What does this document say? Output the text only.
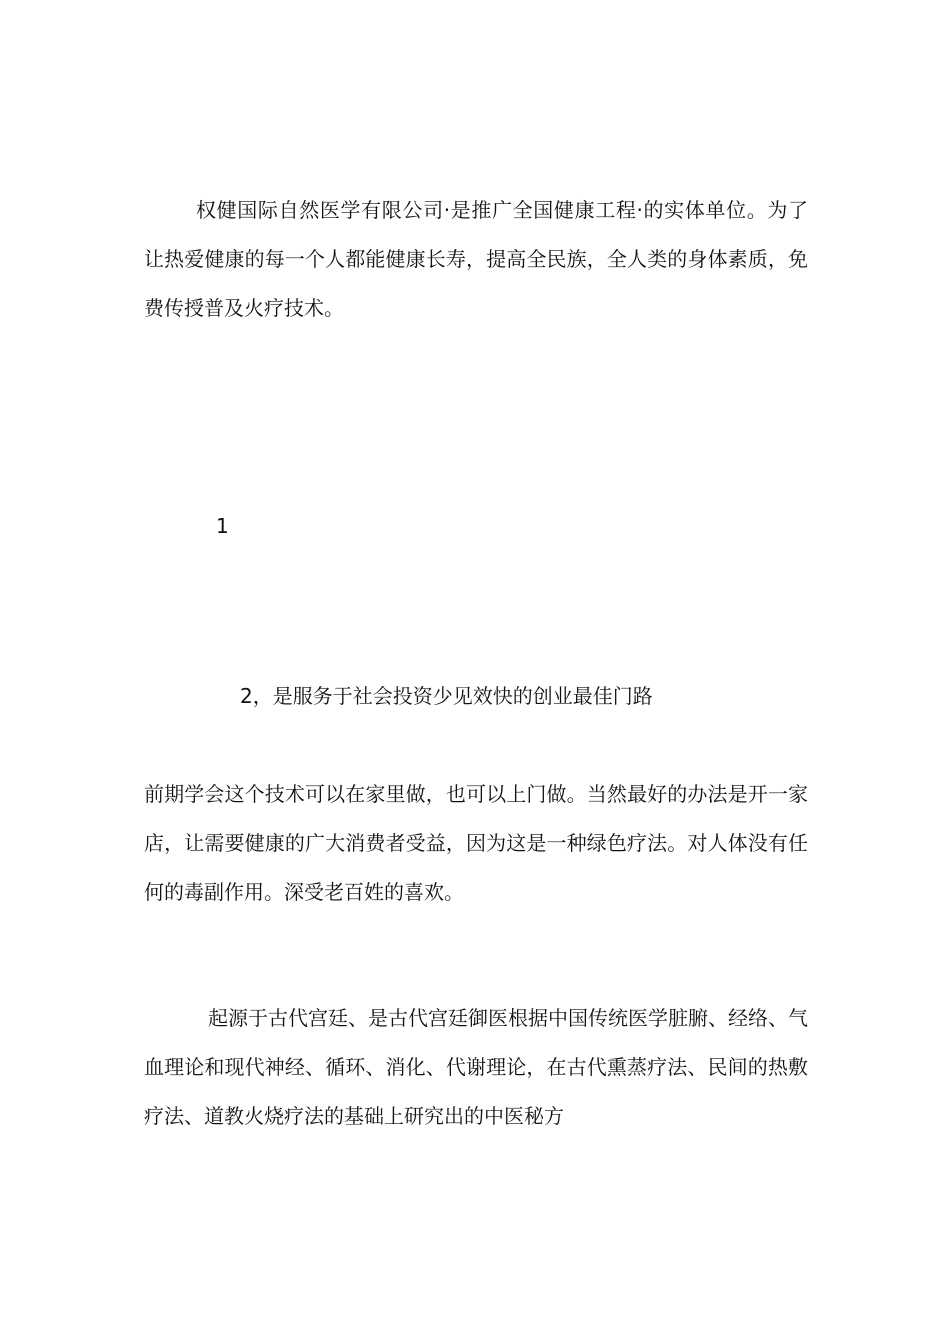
权健国际自然医学有限公司·是推广全国健康工程·的实体单位。为了让热爱健康的每一个人都能健康长寿，提高全民族，全人类的身体素质，免费传授普及火疗技术。

1

2，是服务于社会投资少见效快的创业最佳门路

前期学会这个技术可以在家里做，也可以上门做。当然最好的办法是开一家店，让需要健康的广大消费者受益，因为这是一种绿色疗法。对人体没有任何的毒副作用。深受老百姓的喜欢。

起源于古代宫廷、是古代宫廷御医根据中国传统医学脏腑、经络、气血理论和现代神经、循环、消化、代谢理论，在古代熏蒸疗法、民间的热敷疗法、道教火烧疗法的基础上研究出的中医秘方
